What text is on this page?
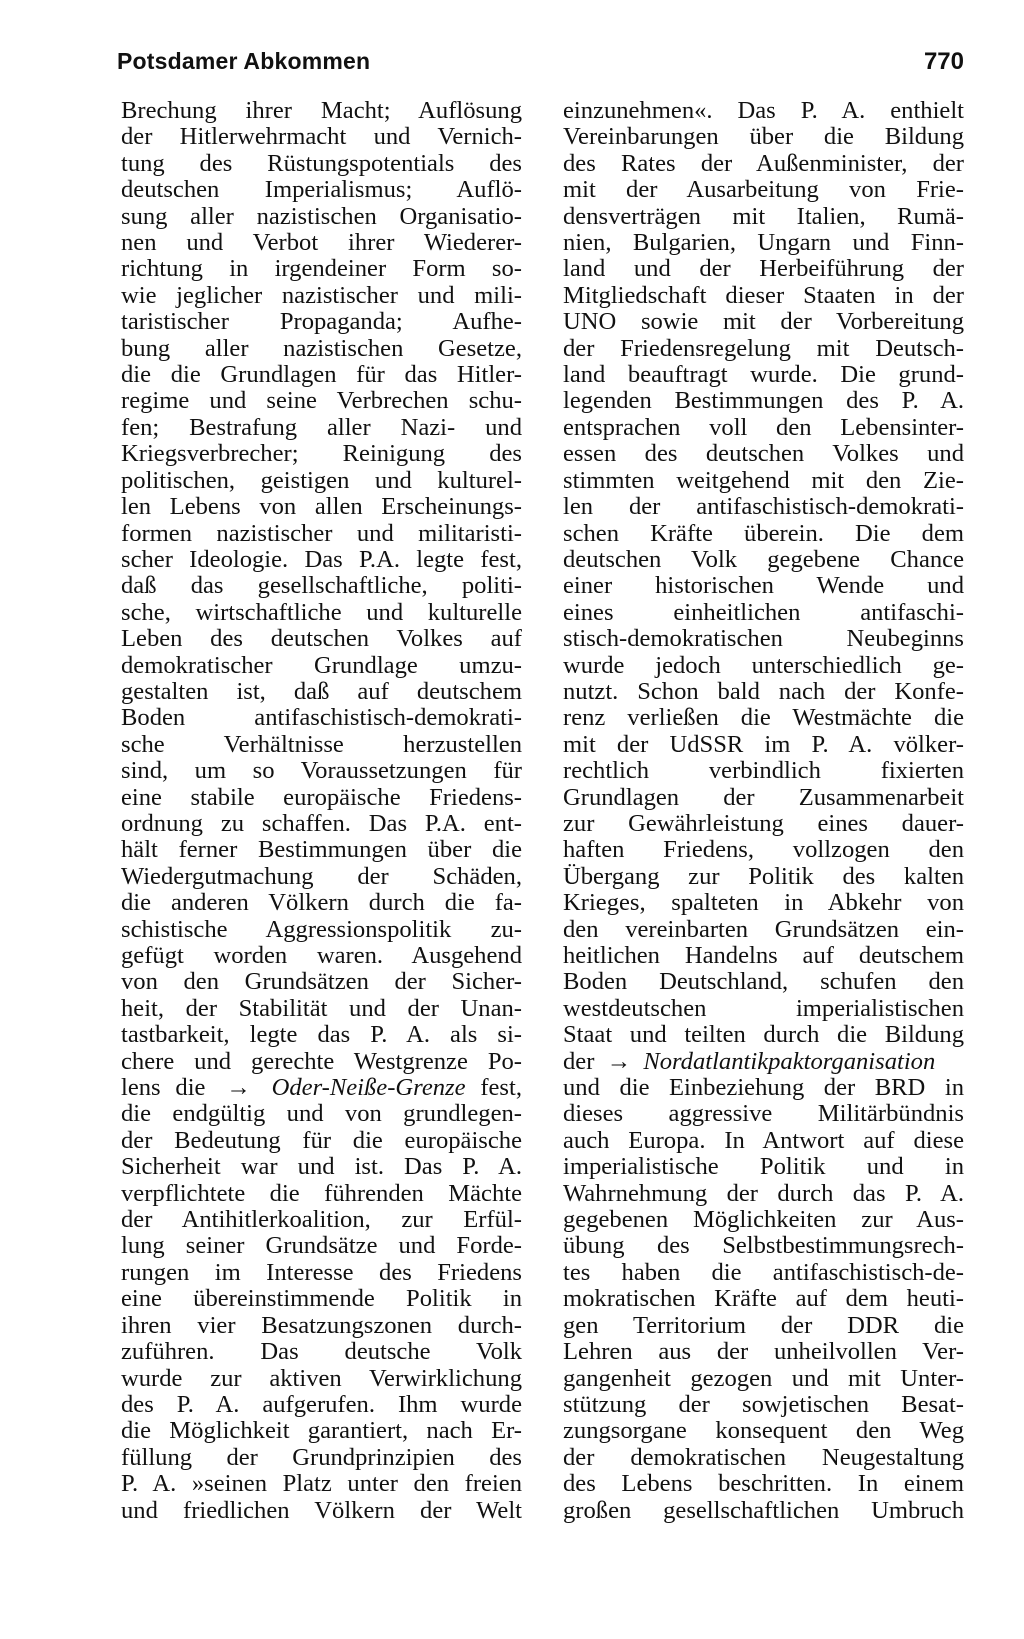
Potsdamer Abkommen	770
Brechung ihrer Macht; Auflösung
der Hitlerwehrmacht und Vernich-
tung des Rüstungspotentials des
deutschen Imperialismus; Auflö-
sung aller nazistischen Organisatio-
nen und Verbot ihrer Wiederer-
richtung in irgendeiner Form so-
wie jeglicher nazistischer und mili-
taristischer Propaganda; Aufhe-
bung aller nazistischen Gesetze,
die die Grundlagen für das Hitler-
regime und seine Verbrechen schu-
fen; Bestrafung aller Nazi- und
Kriegsverbrecher; Reinigung des
politischen, geistigen und kulturel-
len Lebens von allen Erscheinungs-
formen nazistischer und militaristi-
scher Ideologie. Das P.A. legte fest,
daß das gesellschaftliche, politi-
sche, wirtschaftliche und kulturelle
Leben des deutschen Volkes auf
demokratischer Grundlage umzu-
gestalten ist, daß auf deutschem
Boden antifaschistisch-demokrati-
sche Verhältnisse herzustellen
sind, um so Voraussetzungen für
eine stabile europäische Friedens-
ordnung zu schaffen. Das P.A. ent-
hält ferner Bestimmungen über die
Wiedergutmachung der Schäden,
die anderen Völkern durch die fa-
schistische Aggressionspolitik zu-
gefügt worden waren. Ausgehend
von den Grundsätzen der Sicher-
heit, der Stabilität und der Unan-
tastbarkeit, legte das P. A. als si-
chere und gerechte Westgrenze Po-
lens die → Oder-Neiße-Grenze fest,
die endgültig und von grundlegen-
der Bedeutung für die europäische
Sicherheit war und ist. Das P. A.
verpflichtete die führenden Mächte
der Antihitlerkoalition, zur Erfül-
lung seiner Grundsätze und Forde-
rungen im Interesse des Friedens
eine übereinstimmende Politik in
ihren vier Besatzungszonen durch-
zuführen. Das deutsche Volk
wurde zur aktiven Verwirklichung
des P. A. aufgerufen. Ihm wurde
die Möglichkeit garantiert, nach Er-
füllung der Grundprinzipien des
P. A. »seinen Platz unter den freien
und friedlichen Völkern der Welt
einzunehmen«. Das P. A. enthielt
Vereinbarungen über die Bildung
des Rates der Außenminister, der
mit der Ausarbeitung von Frie-
densverträgen mit Italien, Rumä-
nien, Bulgarien, Ungarn und Finn-
land und der Herbeiführung der
Mitgliedschaft dieser Staaten in der
UNO sowie mit der Vorbereitung
der Friedensregelung mit Deutsch-
land beauftragt wurde. Die grund-
legenden Bestimmungen des P. A.
entsprachen voll den Lebensinter-
essen des deutschen Volkes und
stimmten weitgehend mit den Zie-
len der antifaschistisch-demokrati-
schen Kräfte überein. Die dem
deutschen Volk gegebene Chance
einer historischen Wende und
eines einheitlichen antifaschi-
stisch-demokratischen Neubeginns
wurde jedoch unterschiedlich ge-
nutzt. Schon bald nach der Konfe-
renz verließen die Westmächte die
mit der UdSSR im P. A. völker-
rechtlich verbindlich fixierten
Grundlagen der Zusammenarbeit
zur Gewährleistung eines dauer-
haften Friedens, vollzogen den
Übergang zur Politik des kalten
Krieges, spalteten in Abkehr von
den vereinbarten Grundsätzen ein-
heitlichen Handelns auf deutschem
Boden Deutschland, schufen den
westdeutschen imperialistischen
Staat und teilten durch die Bildung
der → Nordatlantikpaktorganisation
und die Einbeziehung der BRD in
dieses aggressive Militärbündnis
auch Europa. In Antwort auf diese
imperialistische Politik und in
Wahrnehmung der durch das P. A.
gegebenen Möglichkeiten zur Aus-
übung des Selbstbestimmungsrech-
tes haben die antifaschistisch-de-
mokratischen Kräfte auf dem heuti-
gen Territorium der DDR die
Lehren aus der unheilvollen Ver-
gangenheit gezogen und mit Unter-
stützung der sowjetischen Besat-
zungsorgane konsequent den Weg
der demokratischen Neugestaltung
des Lebens beschritten. In einem
großen gesellschaftlichen Umbruch
